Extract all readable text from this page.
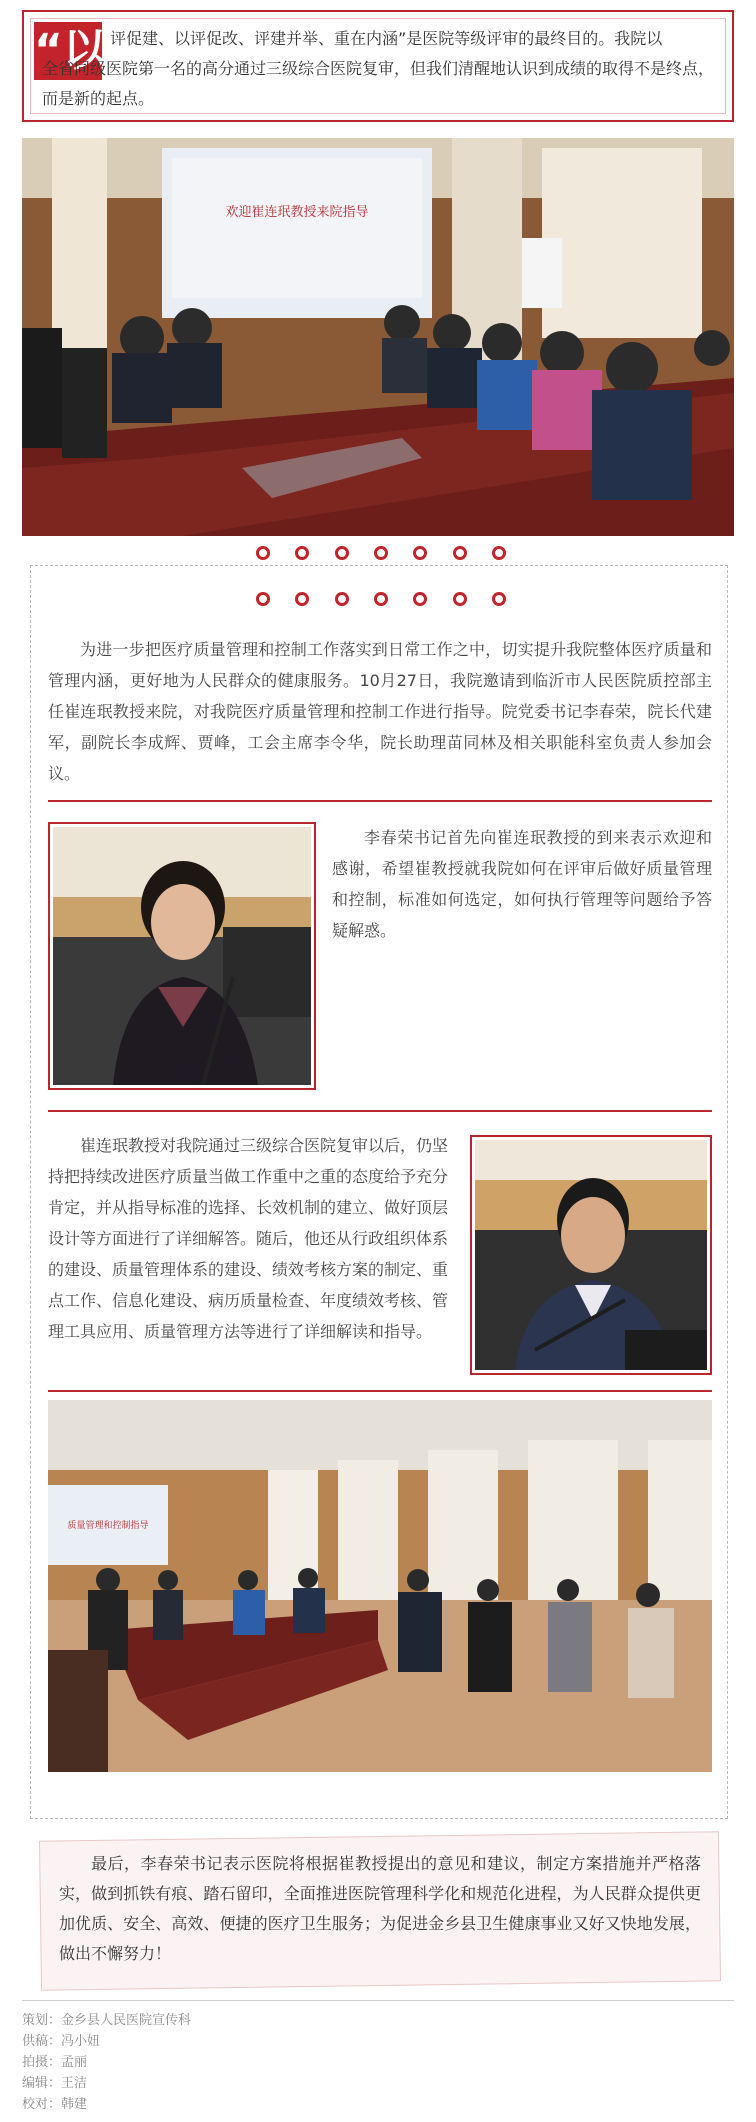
“以 评促建、以评促改、评建并举、重在内涵”是医院等级评审的最终目的。我院以
全省同级医院第一名的高分通过三级综合医院复审，但我们清醒地认识到成绩的取得不是终点，而是新的起点。
欢迎崔连珉教授来院指导
为进一步把医疗质量管理和控制工作落实到日常工作之中，切实提升我院整体医疗质量和管理内涵，更好地为人民群众的健康服务。10月27日，我院邀请到临沂市人民医院质控部主任崔连珉教授来院，对我院医疗质量管理和控制工作进行指导。院党委书记李春荣，院长代建军，副院长李成辉、贾峰，工会主席李令华，院长助理苗同林及相关职能科室负责人参加会议。
李春荣书记首先向崔连珉教授的到来表示欢迎和感谢，希望崔教授就我院如何在评审后做好质量管理和控制，标准如何选定，如何执行管理等问题给予答疑解惑。
崔连珉教授对我院通过三级综合医院复审以后，仍坚持把持续改进医疗质量当做工作重中之重的态度给予充分肯定，并从指导标准的选择、长效机制的建立、做好顶层设计等方面进行了详细解答。随后，他还从行政组织体系的建设、质量管理体系的建设、绩效考核方案的制定、重点工作、信息化建设、病历质量检查、年度绩效考核、管理工具应用、质量管理方法等进行了详细解读和指导。
质量管理和控制指导
最后，李春荣书记表示医院将根据崔教授提出的意见和建议，制定方案措施并严格落实，做到抓铁有痕、踏石留印，全面推进医院管理科学化和规范化进程，为人民群众提供更加优质、安全、高效、便捷的医疗卫生服务；为促进金乡县卫生健康事业又好又快地发展，做出不懈努力！
策划：金乡县人民医院宣传科
供稿：冯小妞
拍摄：孟丽
编辑：王洁
校对：韩建
